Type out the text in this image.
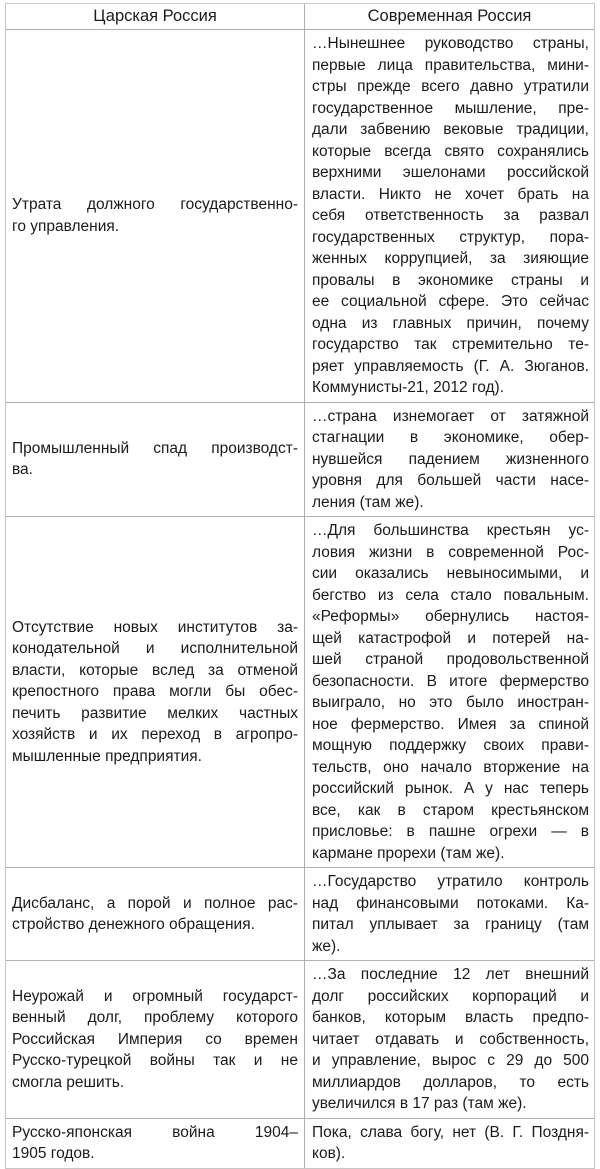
Царская Россия	Современная Россия
Утрата должного государственно-
го управления.
…Нынешнее руководство страны,
первые лица правительства, мини-
стры прежде всего давно утратили
государственное мышление, пре-
дали забвению вековые традиции,
которые всегда свято сохранялись
верхними эшелонами российской
власти. Никто не хочет брать на
себя ответственность за развал
государственных структур, пора-
женных коррупцией, за зияющие
провалы в экономике страны и
ее социальной сфере. Это сейчас
одна из главных причин, почему
государство так стремительно те-
ряет управляемость (Г. А. Зюганов.
Коммунисты-21, 2012 год).
Промышленный спад производст-
ва.
…страна изнемогает от затяжной
стагнации в экономике, обер-
нувшейся падением жизненного
уровня для большей части насе-
ления (там же).
Отсутствие новых институтов за-
конодательной и исполнительной
власти, которые вслед за отменой
крепостного права могли бы обес-
печить развитие мелких частных
хозяйств и их переход в агропро-
мышленные предприятия.
…Для большинства крестьян ус-
ловия жизни в современной Рос-
сии оказались невыносимыми, и
бегство из села стало повальным.
«Реформы» обернулись настоя-
щей катастрофой и потерей на-
шей страной продовольственной
безопасности. В итоге фермерство
выиграло, но это было иностран-
ное фермерство. Имея за спиной
мощную поддержку своих прави-
тельств, оно начало вторжение на
российский рынок. А у нас теперь
все, как в старом крестьянском
присловье: в пашне огрехи — в
кармане прорехи (там же).
Дисбаланс, а порой и полное рас-
стройство денежного обращения.
…Государство утратило контроль
над финансовыми потоками. Ка-
питал уплывает за границу (там
же).
Неурожай и огромный государст-
венный долг, проблему которого
Российская Империя со времен
Русско-турецкой войны так и не
смогла решить.
…За последние 12 лет внешний
долг российских корпораций и
банков, которым власть предпо-
читает отдавать и собственность,
и управление, вырос с 29 до 500
миллиардов долларов, то есть
увеличился в 17 раз (там же).
Русско-японская война 1904–
1905 годов.
Пока, слава богу, нет (В. Г. Поздня-
ков).
